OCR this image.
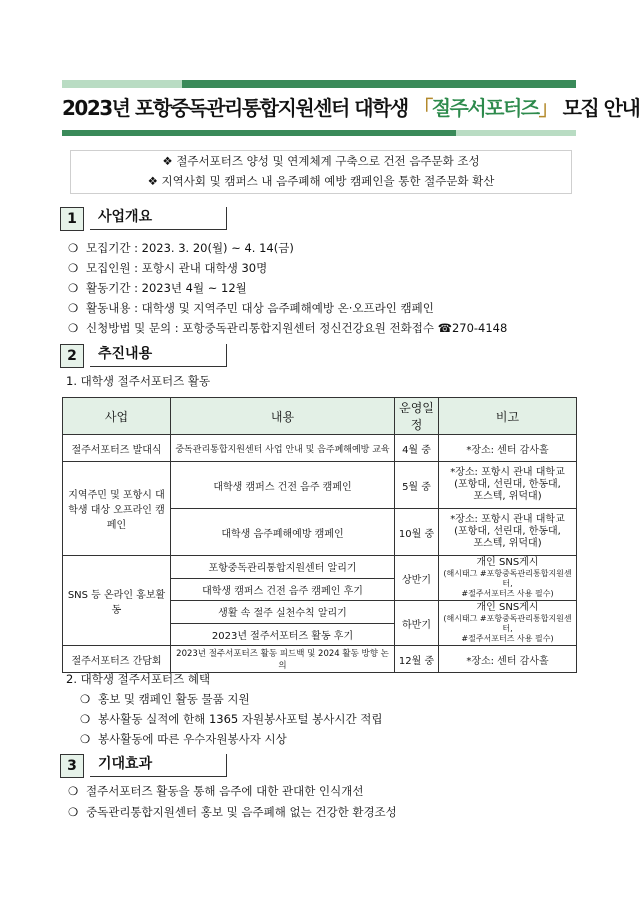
2023년 포항중독관리통합지원센터 대학생 「절주서포터즈」 모집 안내
❖ 절주서포터즈 양성 및 연계체계 구축으로 건전 음주문화 조성
❖ 지역사회 및 캠퍼스 내 음주폐해 예방 캠페인을 통한 절주문화 확산
1	사업개요
❍ 모집기간 : 2023. 3. 20(월) ~ 4. 14(금)
❍ 모집인원 : 포항시 관내 대학생 30명
❍ 활동기간 : 2023년 4월 ~ 12월
❍ 활동내용 : 대학생 및 지역주민 대상 음주폐해예방 온·오프라인 캠페인
❍ 신청방법 및 문의 : 포항중독관리통합지원센터 정신건강요원 전화접수 ☎270-4148
2	추진내용
1. 대학생 절주서포터즈 활동
사업	내용	운영일정	비고
절주서포터즈 발대식	중독관리통합지원센터 사업 안내 및 음주폐해예방 교육	4월 중	*장소: 센터 감사홀
지역주민 및 포항시 대학생 대상 오프라인 캠페인	대학생 캠퍼스 건전 음주 캠페인	5월 중	*장소: 포항시 관내 대학교
(포항대, 선린대, 한동대,
포스텍, 위덕대)

	대학생 음주폐해예방 캠페인	10월 중	*장소: 포항시 관내 대학교
(포항대, 선린대, 한동대,
포스텍, 위덕대)

SNS 등 온라인 홍보활동	포항중독관리통합지원센터 알리기	상반기	개인 SNS게시
(해시태그 #포항중독관리통합지원센터,
#절주서포터즈 사용 필수)

	대학생 캠퍼스 건전 음주 캠페인 후기		
	생활 속 절주 실천수칙 알리기	하반기	개인 SNS게시
(해시태그 #포항중독관리통합지원센터,
#절주서포터즈 사용 필수)

	2023년 절주서포터즈 활동 후기		
절주서포터즈 간담회	2023년 절주서포터즈 활동 피드백 및 2024 활동 방향 논의	12월 중	*장소: 센터 감사홀
2. 대학생 절주서포터즈 혜택
❍ 홍보 및 캠페인 활동 물품 지원
❍ 봉사활동 실적에 한해 1365 자원봉사포털 봉사시간 적립
❍ 봉사활동에 따른 우수자원봉사자 시상
3	기대효과
❍ 절주서포터즈 활동을 통해 음주에 대한 관대한 인식개선
❍ 중독관리통합지원센터 홍보 및 음주폐해 없는 건강한 환경조성
